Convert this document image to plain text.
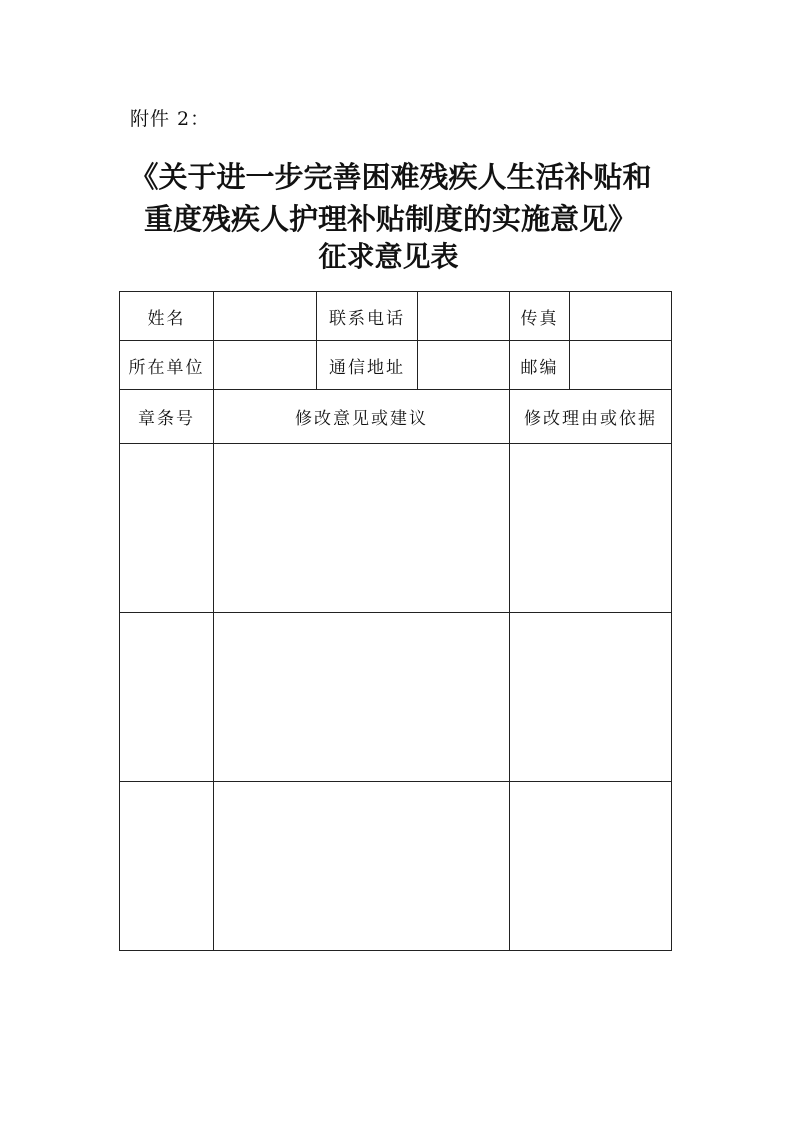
附件 2：
《关于进一步完善困难残疾人生活补贴和
重度残疾人护理补贴制度的实施意见》
征求意见表
姓名		联系电话		传真	
所在单位		通信地址		邮编	
章条号	修改意见或建议			修改理由或依据	
